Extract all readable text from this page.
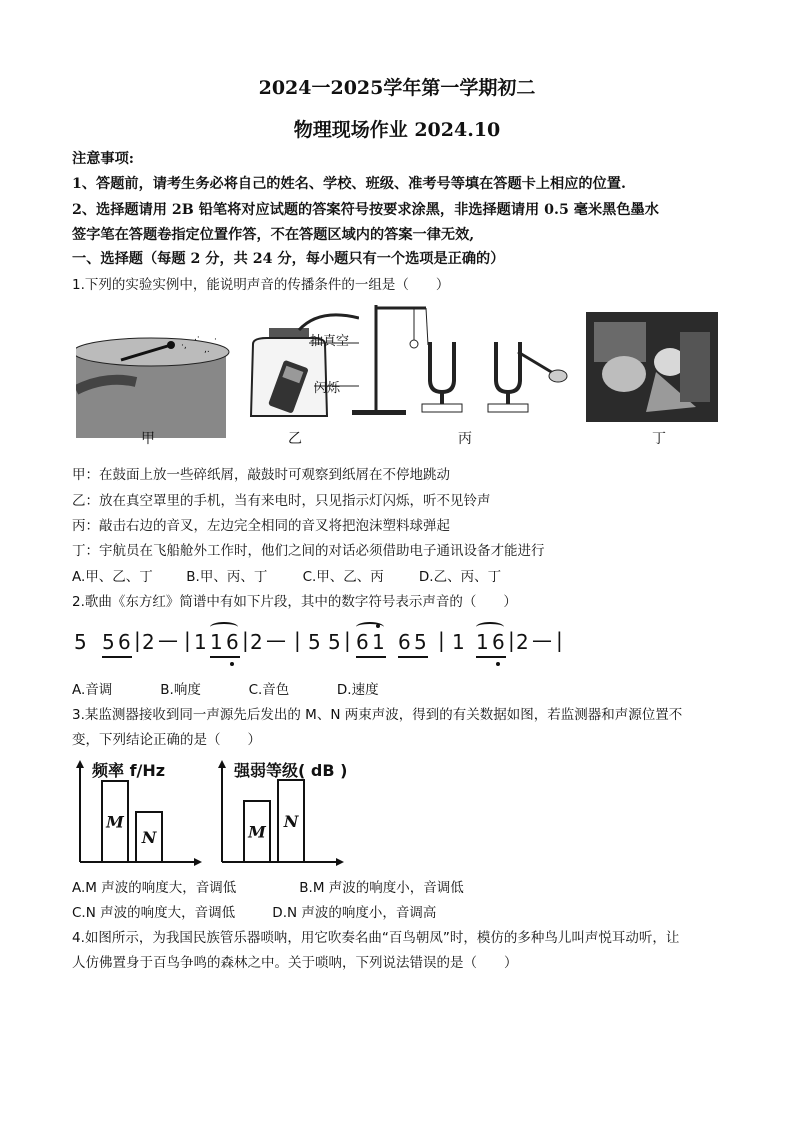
2024一2025学年第一学期初二
物理现场作业 2024.10
注意事项:
1、答题前，请考生务必将自己的姓名、学校、班级、准考号等填在答题卡上相应的位置.
2、选择题请用 2B 铅笔将对应试题的答案符号按要求涂黑，非选择题请用 0.5 毫米黑色墨水
签字笔在答题卷指定位置作答，不在答题区域内的答案一律无效,
一、选择题（每题 2 分，共 24 分，每小题只有一个选项是正确的）
1.下列的实验实例中，能说明声音的传播条件的一组是（　　）
·,
.·
,.
·
甲
抽真空
闪烁
乙	丙	丁
甲：在鼓面上放一些碎纸屑，敲鼓时可观察到纸屑在不停地跳动
乙：放在真空罩里的手机，当有来电时，只见指示灯闪烁，听不见铃声
丙：敲击右边的音叉，左边完全相同的音叉将把泡沫塑料球弹起
丁：宇航员在飞船舱外工作时，他们之间的对话必须借助电子通讯设备才能进行
A.甲、乙、丁 B.甲、丙、丁	C.甲、乙、丙	D.乙、丙、丁
2.歌曲《东方红》简谱中有如下片段，其中的数字符号表示声音的（　　）
5 5 6 | 2 — | 1 1 6 | 2 — | 5 5 | 6 1 6 5 | 1 1 6 | 2 — |
A.音调	B.响度	C.音色	D.速度
3.某监测器接收到同一声源先后发出的 M、N 两束声波，得到的有关数据如图，若监测器和声源位置不
变，下列结论正确的是（　　）
频率 f/Hz
M
N
强弱等级( dB )
M
N
A.M 声波的响度大，音调低	B.M 声波的响度小，音调低
C.N 声波的响度大，音调低	D.N 声波的响度小，音调高
4.如图所示，为我国民族管乐器唢呐，用它吹奏名曲“百鸟朝凤”时，模仿的多种鸟儿叫声悦耳动听，让
人仿佛置身于百鸟争鸣的森林之中。关于唢呐，下列说法错误的是（　　）
